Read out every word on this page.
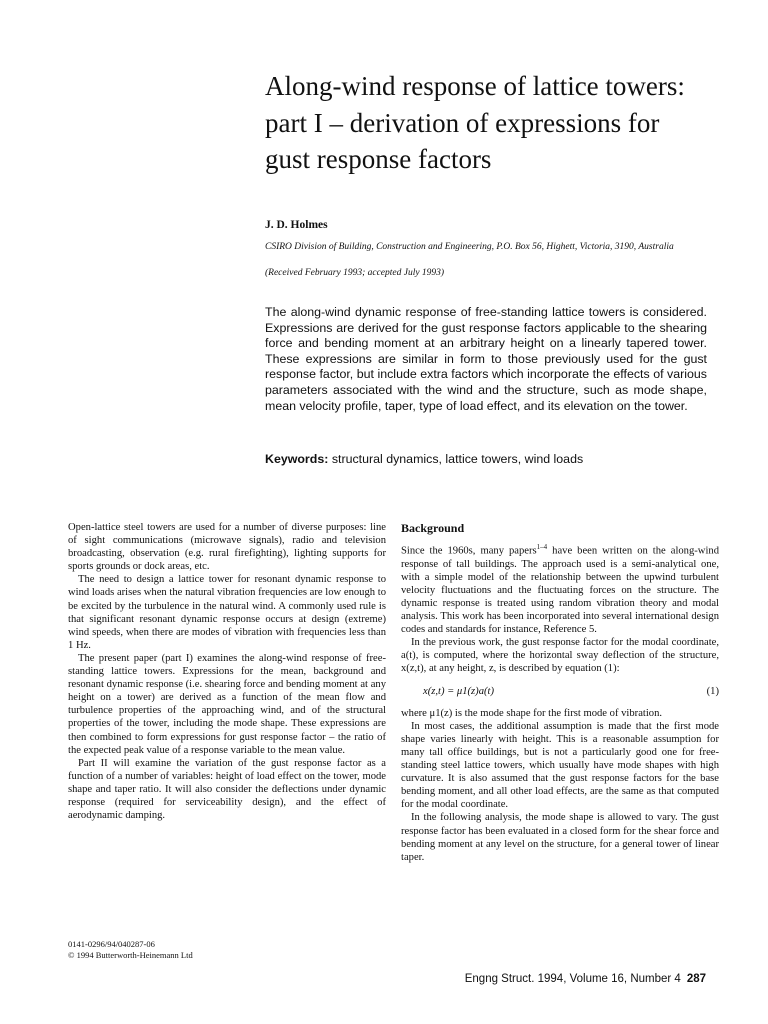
Along-wind response of lattice towers: part I – derivation of expressions for gust response factors
J. D. Holmes
CSIRO Division of Building, Construction and Engineering, P.O. Box 56, Highett, Victoria, 3190, Australia
(Received February 1993; accepted July 1993)

The along-wind dynamic response of free-standing lattice towers is considered. Expressions are derived for the gust response factors applicable to the shearing force and bending moment at an arbitrary height on a linearly tapered tower. These expressions are similar in form to those previously used for the gust response factor, but include extra factors which incorporate the effects of various parameters associated with the wind and the structure, such as mode shape, mean velocity profile, taper, type of load effect, and its elevation on the tower.

Keywords: structural dynamics, lattice towers, wind loads

Open-lattice steel towers are used for a number of diverse purposes: line of sight communications (microwave signals), radio and television broadcasting, observation (e.g. rural firefighting), lighting supports for sports grounds or dock areas, etc.

The need to design a lattice tower for resonant dynamic response to wind loads arises when the natural vibration frequencies are low enough to be excited by the turbulence in the natural wind. A commonly used rule is that significant resonant dynamic response occurs at design (extreme) wind speeds, when there are modes of vibration with frequencies less than 1 Hz.

The present paper (part I) examines the along-wind response of free-standing lattice towers. Expressions for the mean, background and resonant dynamic response (i.e. shearing force and bending moment at any height on a tower) are derived as a function of the mean flow and turbulence properties of the approaching wind, and of the structural properties of the tower, including the mode shape. These expressions are then combined to form expressions for gust response factor – the ratio of the expected peak value of a response variable to the mean value.

Part II will examine the variation of the gust response factor as a function of a number of variables: height of load effect on the tower, mode shape and taper ratio. It will also consider the deflections under dynamic response (required for serviceability design), and the effect of aerodynamic damping.

Background

Since the 1960s, many papers$^{1-4}$ have been written on the along-wind response of tall buildings. The approach used is a semi-analytical one, with a simple model of the relationship between the upwind turbulent velocity fluctuations and the fluctuating forces on the structure. The dynamic response is treated using random vibration theory and modal analysis. This work has been incorporated into several international design codes and standards for instance, Reference 5.

In the previous work, the gust response factor for the modal coordinate, a(t), is computed, where the horizontal sway deflection of the structure, x(z,t), at any height, z, is described by equation (1):

x(z,t) = μ1(z)a(t)	(1)

where μ1(z) is the mode shape for the first mode of vibration.

In most cases, the additional assumption is made that the first mode shape varies linearly with height. This is a reasonable assumption for many tall office buildings, but is not a particularly good one for free-standing steel lattice towers, which usually have mode shapes with high curvature. It is also assumed that the gust response factors for the base bending moment, and all other load effects, are the same as that computed for the modal coordinate.

In the following analysis, the mode shape is allowed to vary. The gust response factor has been evaluated in a closed form for the shear force and bending moment at any level on the structure, for a general tower of linear taper.

0141-0296/94/040287-06
© 1994 Butterworth-Heinemann Ltd
Engng Struct. 1994, Volume 16, Number 4 287
